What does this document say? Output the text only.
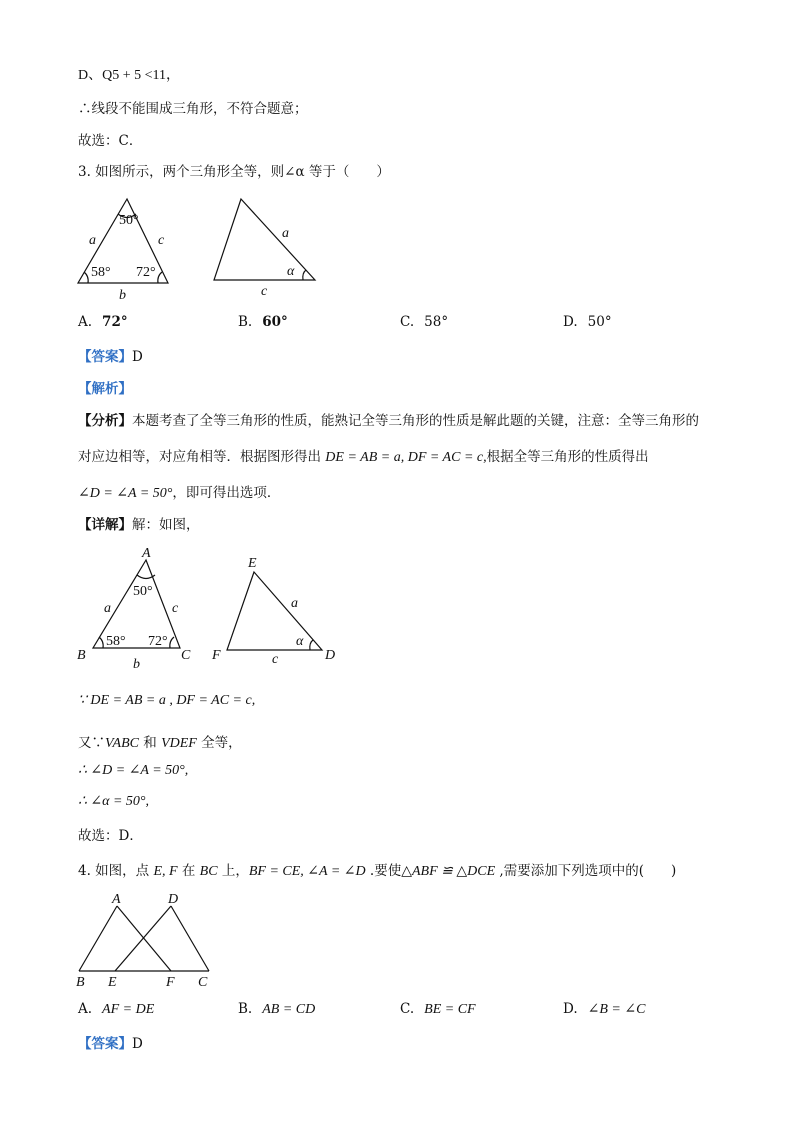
D、Q5 + 5 <11，
∴线段不能围成三角形，不符合题意；
故选：C．
3. 如图所示，两个三角形全等，则∠α 等于（　　）
50°
58° 72°
a	c
b
a
α
c
A. 72°	B. 60°	C. 58°	D. 50°
【答案】D
【解析】
【分析】本题考查了全等三角形的性质，能熟记全等三角形的性质是解此题的关键，注意：全等三角形的
对应边相等，对应角相等．根据图形得出 DE = AB = a, DF = AC = c,根据全等三角形的性质得出
∠D = ∠A = 50°，即可得出选项．
【详解】解：如图，
A
B	C
50°
58° 72°
a	c
b
E
F	D
a
α
c
∵ DE = AB = a , DF = AC = c,
又∵VABC 和 VDEF 全等，
∴ ∠D = ∠A = 50°,
∴ ∠α = 50°,
故选：D．
4. 如图，点 E, F 在 BC 上，BF = CE, ∠A = ∠D .要使△ABF ≌ △DCE ,需要添加下列选项中的(　　)
A	D
B E	F C
A. AF = DE	B. AB = CD	C. BE = CF	D. ∠B = ∠C
【答案】D
